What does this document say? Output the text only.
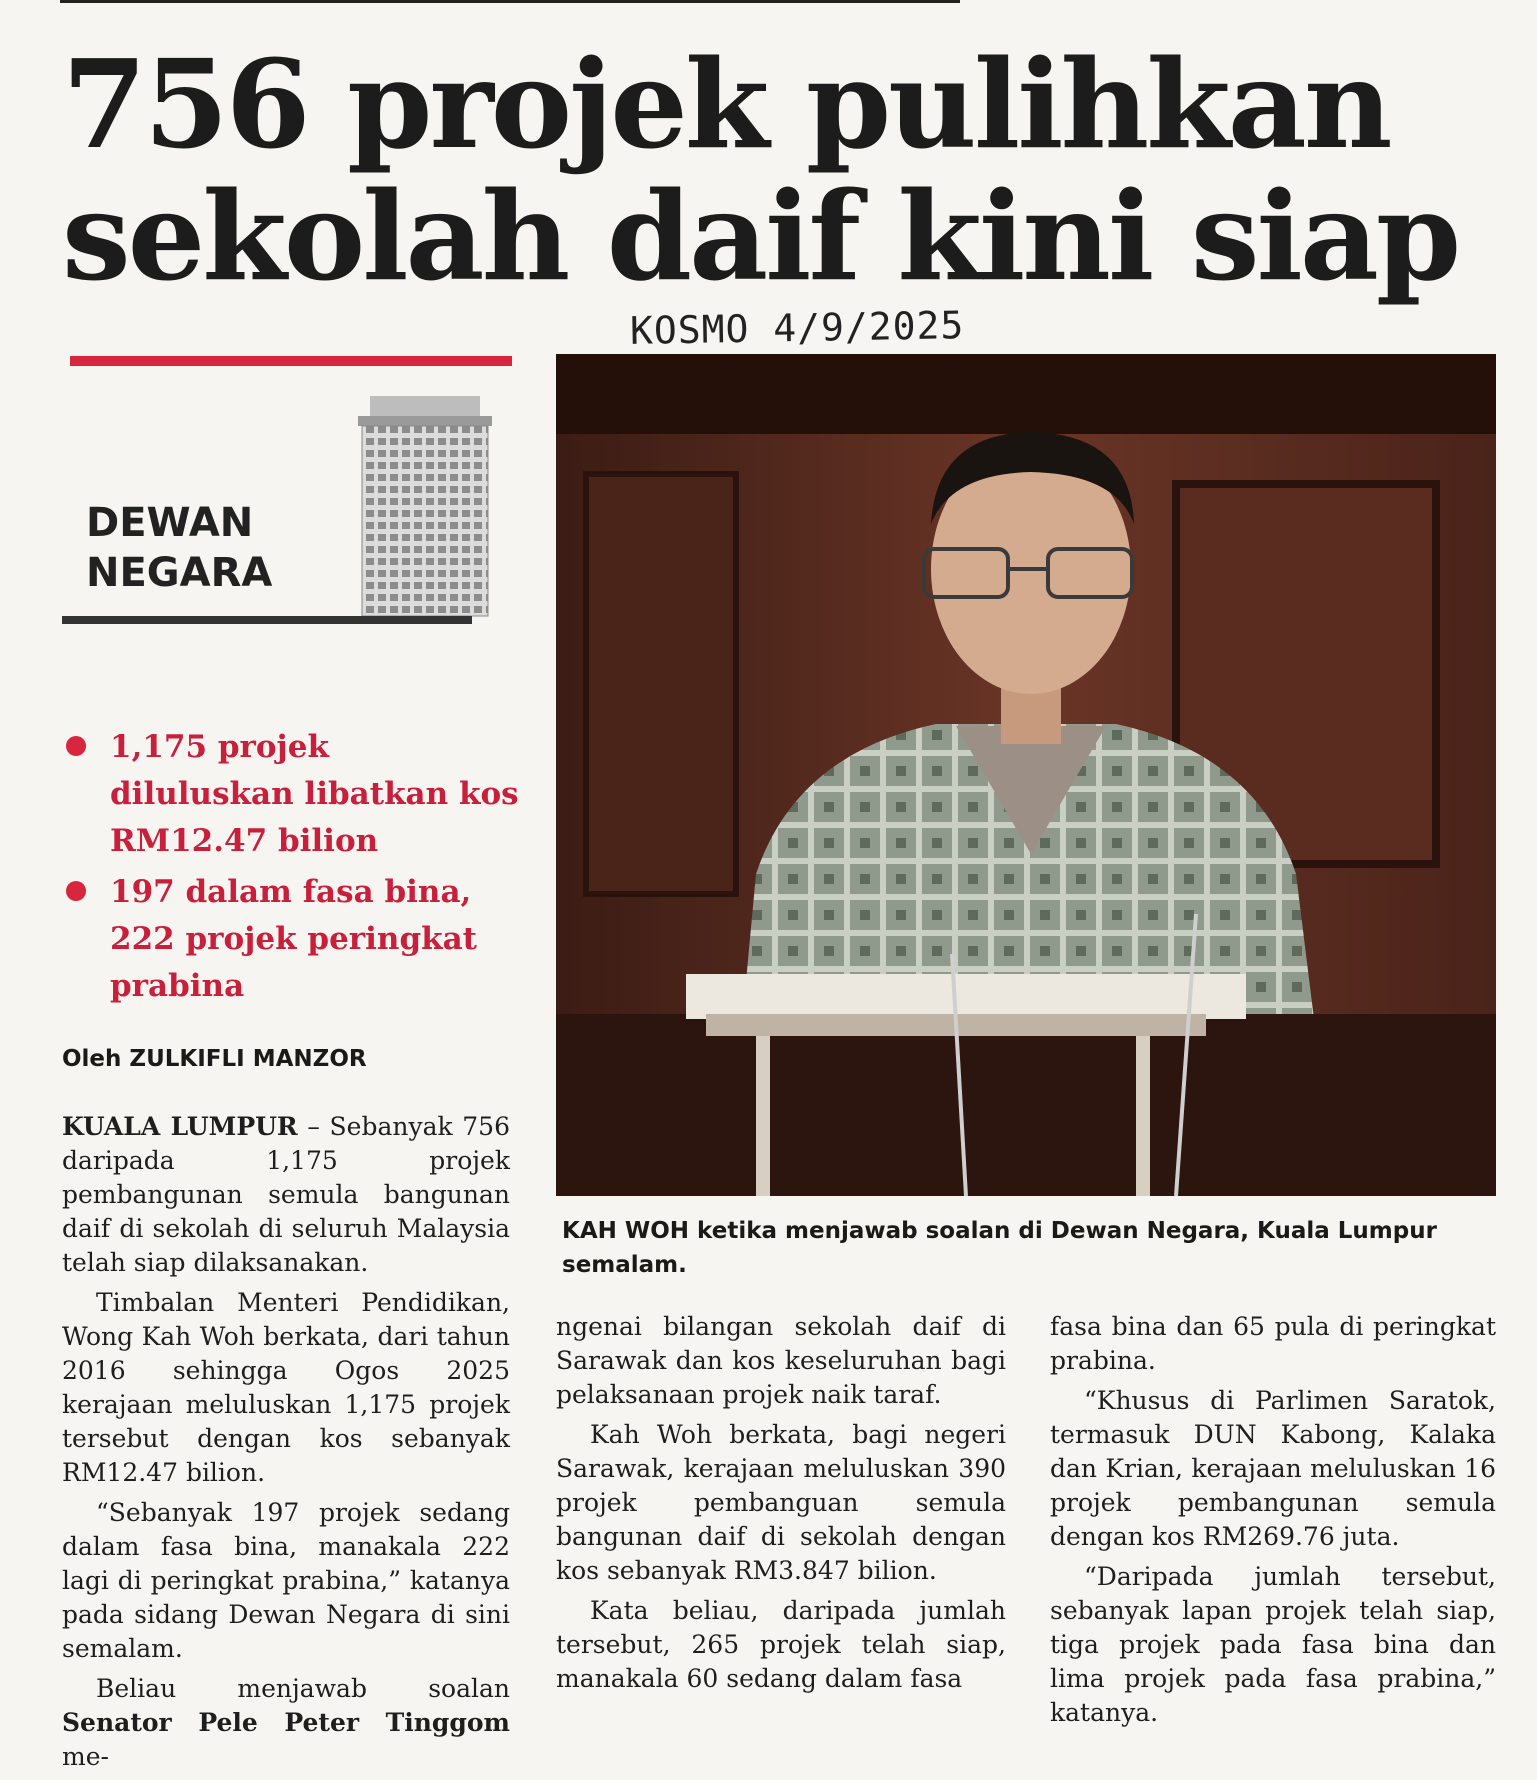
756 projek pulihkan
sekolah daif kini siap
KOSMO 4/9/2025
DEWAN
NEGARA
1,175 projek diluluskan libatkan kos RM12.47 bilion
197 dalam fasa bina, 222 projek peringkat prabina
Oleh ZULKIFLI MANZOR
KAH WOH ketika menjawab soalan di Dewan Negara, Kuala Lumpur semalam.

KUALA LUMPUR – Sebanyak 756 daripada 1,175 projek pembangunan semula bangunan daif di sekolah di seluruh Malaysia telah siap dilaksanakan.

Timbalan Menteri Pendidikan, Wong Kah Woh berkata, dari tahun 2016 sehingga Ogos 2025 kerajaan meluluskan 1,175 projek tersebut dengan kos sebanyak RM12.47 bilion.

“Sebanyak 197 projek sedang dalam fasa bina, manakala 222 lagi di peringkat prabina,” katanya pada sidang Dewan Negara di sini semalam.

Beliau menjawab soalan Senator Pele Peter Tinggom me-

ngenai bilangan sekolah daif di Sarawak dan kos keseluruhan bagi pelaksanaan projek naik taraf.

Kah Woh berkata, bagi negeri Sarawak, kerajaan meluluskan 390 projek pembanguan semula bangunan daif di sekolah dengan kos sebanyak RM3.847 bilion.

Kata beliau, daripada jumlah tersebut, 265 projek telah siap, manakala 60 sedang dalam fasa

fasa bina dan 65 pula di peringkat prabina.

“Khusus di Parlimen Saratok, termasuk DUN Kabong, Kalaka dan Krian, kerajaan meluluskan 16 projek pembangunan semula dengan kos RM269.76 juta.

“Daripada jumlah tersebut, sebanyak lapan projek telah siap, tiga projek pada fasa bina dan lima projek pada fasa prabina,” katanya.
